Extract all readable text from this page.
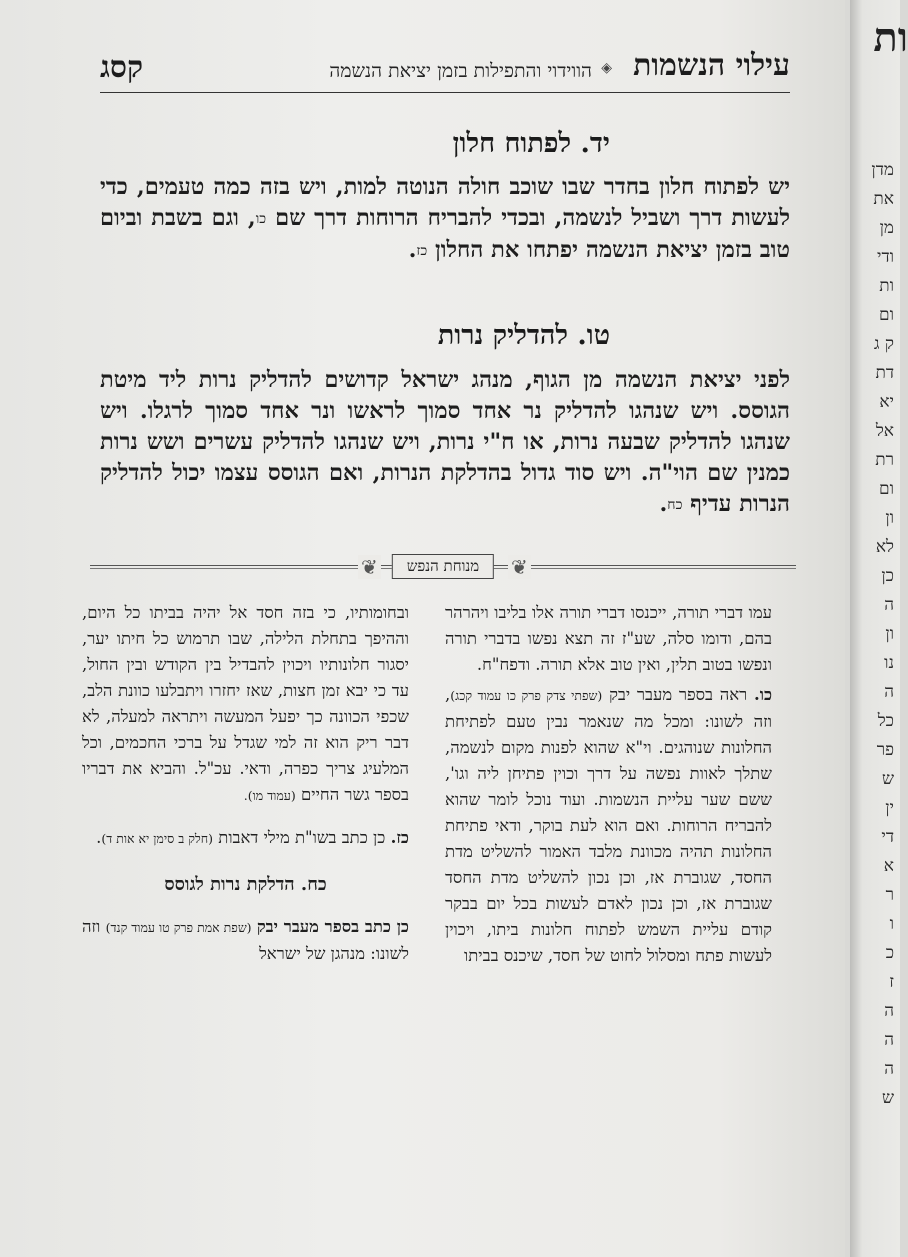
עילוי הנשמות
◈
הווידוי והתפילות בזמן יציאת הנשמה
קסג
יד. לפתוח חלון
יש לפתוח חלון בחדר שבו שוכב חולה הנוטה למות, ויש בזה כמה טעמים, כדי לעשות דרך ושביל לנשמה, ובכדי להבריח הרוחות דרך שם כו, וגם בשבת וביום טוב בזמן יציאת הנשמה יפתחו את החלון כז.
טו. להדליק נרות
לפני יציאת הנשמה מן הגוף, מנהג ישראל קדושים להדליק נרות ליד מיטת הגוסס. ויש שנהגו להדליק נר אחד סמוך לראשו ונר אחד סמוך לרגלו. ויש שנהגו להדליק שבעה נרות, או ח"י נרות, ויש שנהגו להדליק עשרים ושש נרות כמנין שם הוי"ה. ויש סוד גדול בהדלקת הנרות, ואם הגוסס עצמו יכול להדליק הנרות עדיף כח.
❦	מנוחת הנפש	❦

עמו דברי תורה, ייכנסו דברי תורה אלו בליבו ויהרהר בהם, ודומו סלה, שע"ז זה תצא נפשו בדברי תורה ונפשו בטוב תלין, ואין טוב אלא תורה. ודפח"ח.

כו. ראה בספר מעבר יבק (שפתי צדק פרק כו עמוד קכג), וזה לשונו: ומכל מה שנאמר נבין טעם לפתיחת החלונות שנוהגים. וי"א שהוא לפנות מקום לנשמה, שתלך לאוות נפשה על דרך וכוין פתיחן ליה וגו', ששם שער עליית הנשמות. ועוד נוכל לומר שהוא להבריח הרוחות. ואם הוא לעת בוקר, ודאי פתיחת החלונות תהיה מכוונת מלבד האמור להשליט מדת החסד, שגוברת אז, וכן נכון להשליט מדת החסד שגוברת אז, וכן נכון לאדם לעשות בכל יום בבקר קודם עליית השמש לפתוח חלונות ביתו, ויכוין לעשות פתח ומסלול לחוט של חסד, שיכנס בביתו

ובחומותיו, כי בזה חסד אל יהיה בביתו כל היום, וההיפך בתחלת הלילה, שבו תרמוש כל חיתו יער, יסגור חלונותיו ויכוין להבדיל בין הקודש ובין החול, עד כי יבא זמן חצות, שאז יחזרו ויתבלעו כוונת הלב, שכפי הכוונה כך יפעל המעשה ויתראה למעלה, לא דבר ריק הוא זה למי שגדל על ברכי החכמים, וכל המלעיג צריך כפרה, ודאי. עכ"ל. והביא את דבריו בספר גשר החיים (עמוד מו).

כז. כן כתב בשו"ת מילי דאבות (חלק ב סימן יא אות ד).

כח. הדלקת נרות לגוסס

כן כתב בספר מעבר יבק (שפת אמת פרק טו עמוד קנד) וזה לשונו: מנהגן של ישראל

ות
מדן
את
מן
ודי
ות
ום
ק ג
דת
יא
אל
רת
ום
ון
לא
כן
ה
ון
נו
ה
כל
פר
ש
ין
די
א
ר
ו
כ
ז
ה
ה
ה
ש
